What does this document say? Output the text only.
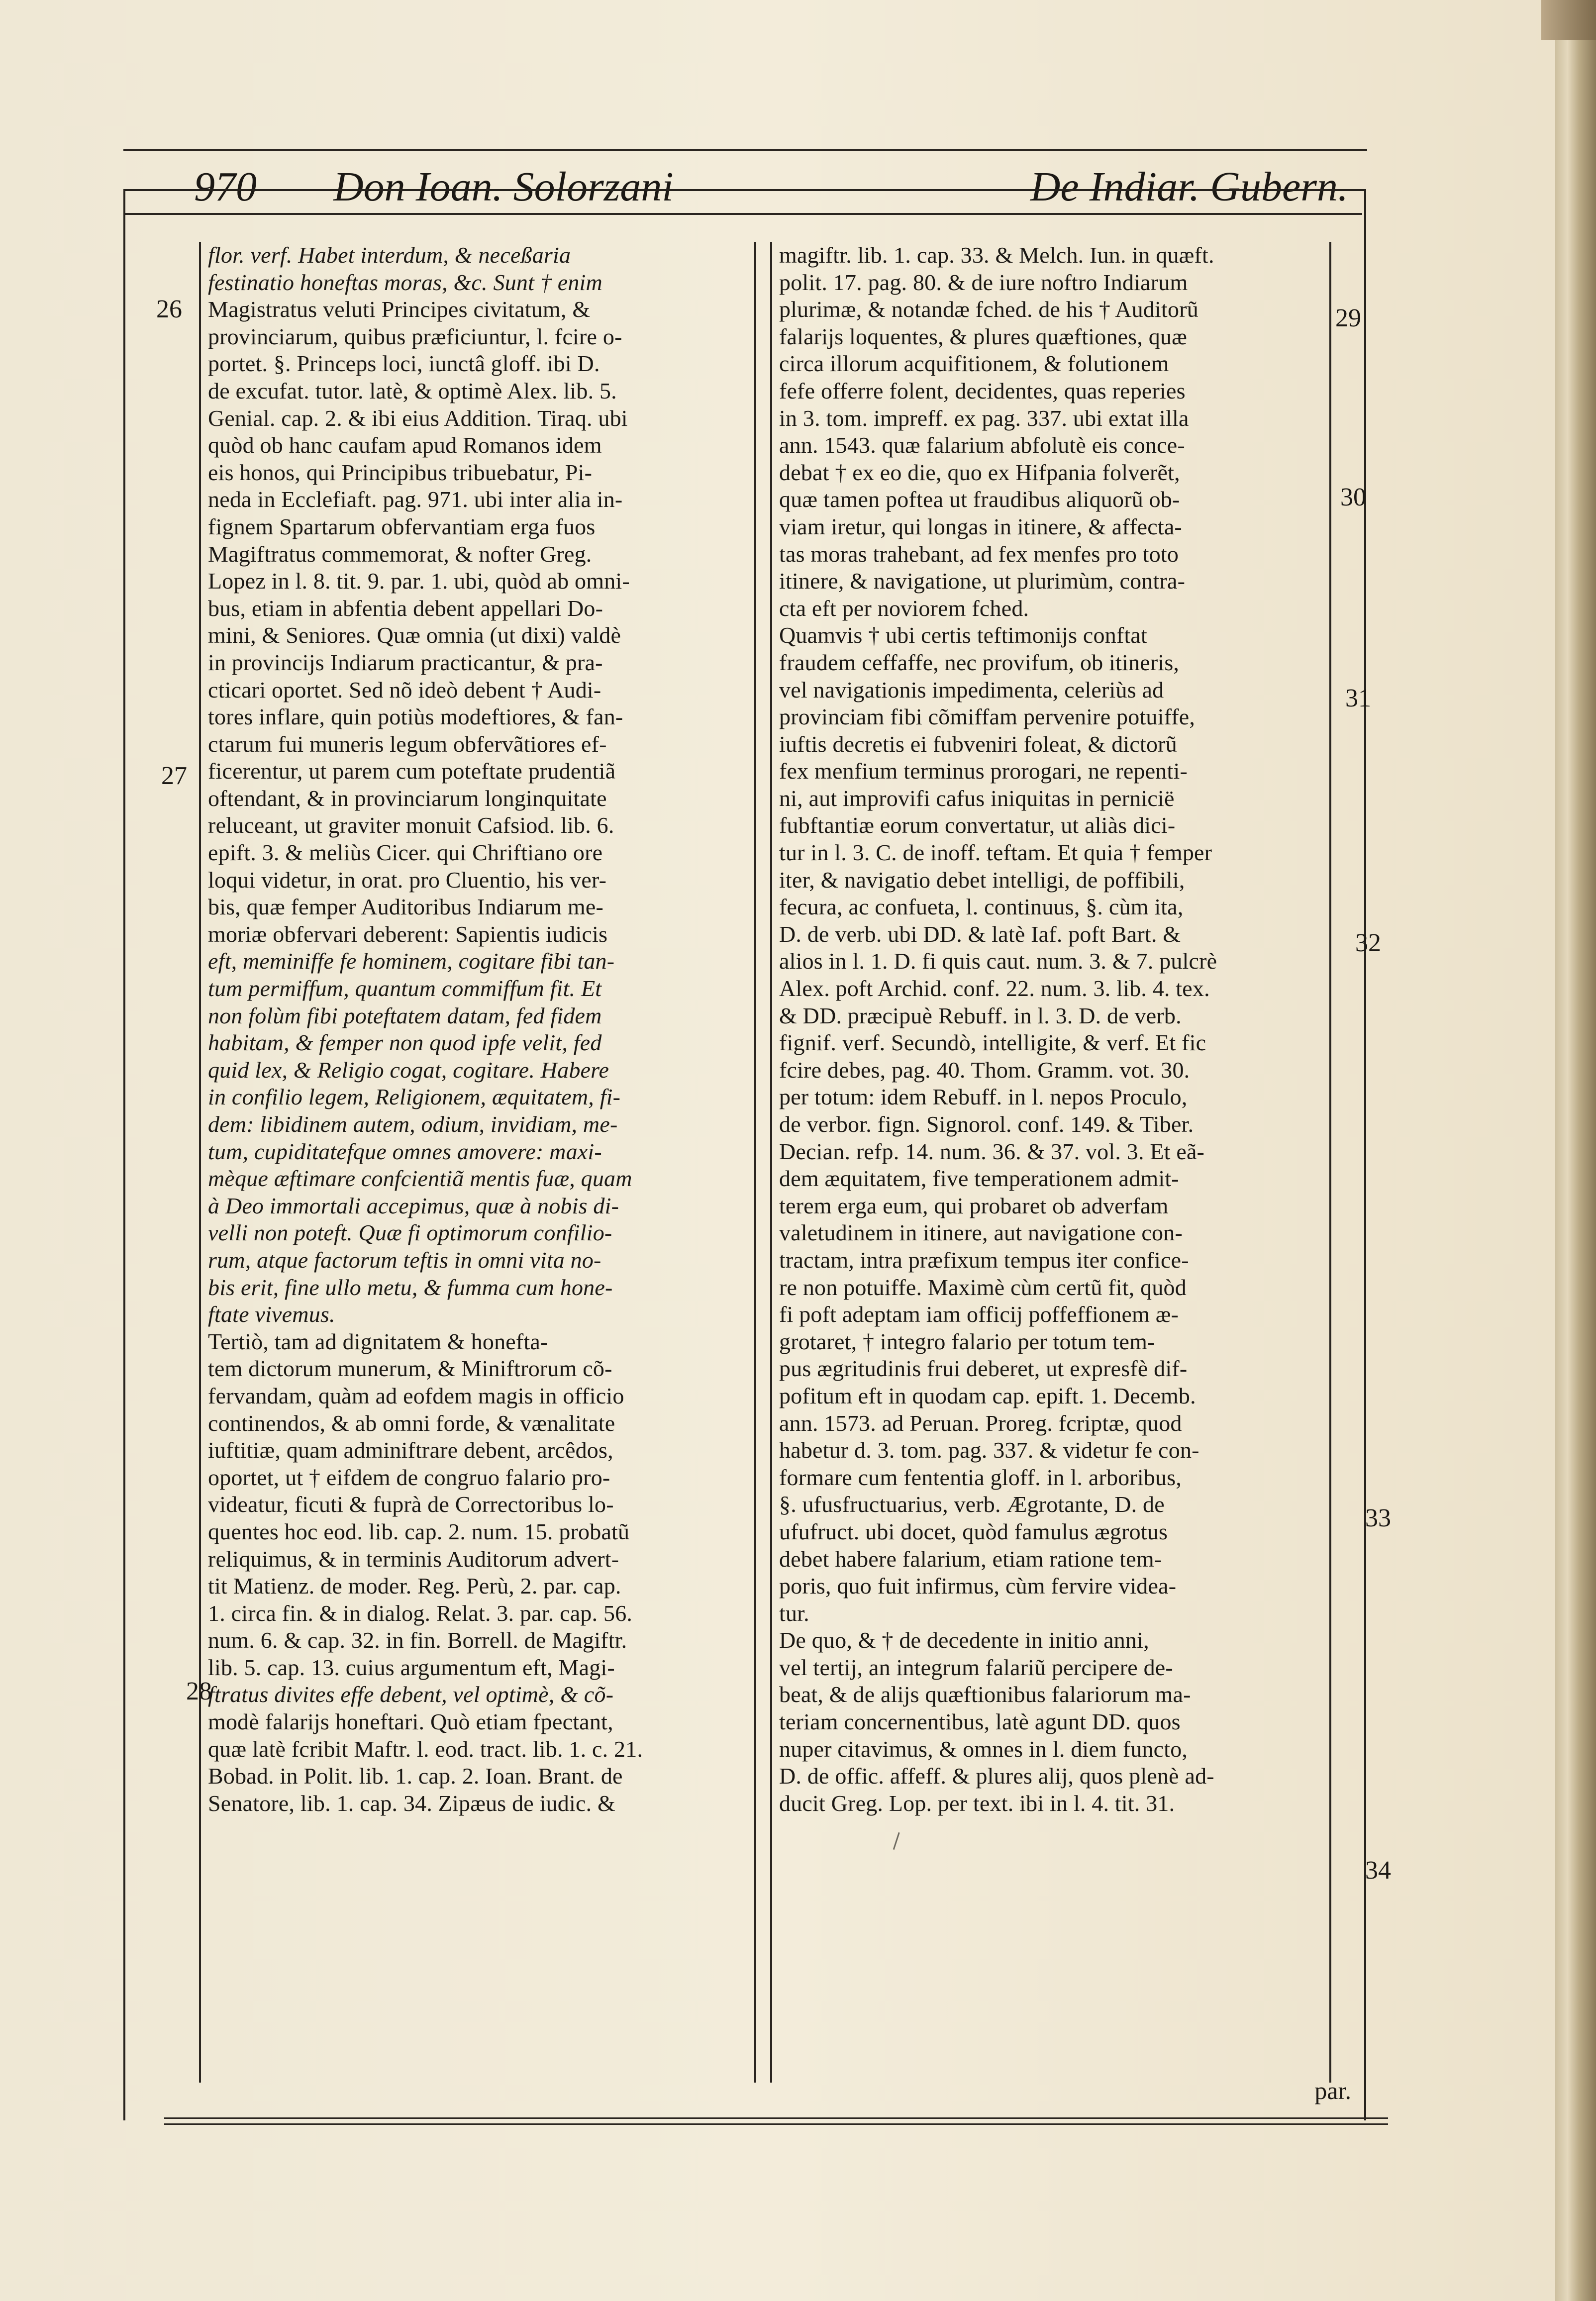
970 Don Ioan. Solorzani	De Indiar. Gubern.
flor. verf. Habet interdum, & neceßaria
festinatio honeftas moras, &c. Sunt † enim
Magistratus veluti Principes civitatum, &
provinciarum, quibus præficiuntur, l. fcire o-
portet. §. Princeps loci, iunctâ gloff. ibi D.
de excufat. tutor. latè, & optimè Alex. lib. 5.
Genial. cap. 2. & ibi eius Addition. Tiraq. ubi
quòd ob hanc caufam apud Romanos idem
eis honos, qui Principibus tribuebatur, Pi-
neda in Ecclefiaft. pag. 971. ubi inter alia in-
fignem Spartarum obfervantiam erga fuos
Magiftratus commemorat, & nofter Greg.
Lopez in l. 8. tit. 9. par. 1. ubi, quòd ab omni-
bus, etiam in abfentia debent appellari Do-
mini, & Seniores. Quæ omnia (ut dixi) valdè
in provincijs Indiarum practicantur, & pra-
cticari oportet. Sed nõ ideò debent † Audi-
tores inflare, quin potiùs modeftiores, & fan-
ctarum fui muneris legum obfervãtiores ef-
ficerentur, ut parem cum poteftate prudentiã
oftendant, & in provinciarum longinquitate
reluceant, ut graviter monuit Cafsiod. lib. 6.
epift. 3. & meliùs Cicer. qui Chriftiano ore
loqui videtur, in orat. pro Cluentio, his ver-
bis, quæ femper Auditoribus Indiarum me-
moriæ obfervari deberent: Sapientis iudicis
eft, meminiffe fe hominem, cogitare fibi tan-
tum permiffum, quantum commiffum fit. Et
non folùm fibi poteftatem datam, fed fidem
habitam, & femper non quod ipfe velit, fed
quid lex, & Religio cogat, cogitare. Habere
in confilio legem, Religionem, æquitatem, fi-
dem: libidinem autem, odium, invidiam, me-
tum, cupiditatefque omnes amovere: maxi-
mèque æftimare confcientiã mentis fuæ, quam
à Deo immortali accepimus, quæ à nobis di-
velli non poteft. Quæ fi optimorum confilio-
rum, atque factorum teftis in omni vita no-
bis erit, fine ullo metu, & fumma cum hone-
ftate vivemus.
Tertiò, tam ad dignitatem & honefta-
tem dictorum munerum, & Miniftrorum cõ-
fervandam, quàm ad eofdem magis in officio
continendos, & ab omni forde, & vænalitate
iuftitiæ, quam adminiftrare debent, arcêdos,
oportet, ut † eifdem de congruo falario pro-
videatur, ficuti & fuprà de Correctoribus lo-
quentes hoc eod. lib. cap. 2. num. 15. probatũ
reliquimus, & in terminis Auditorum advert-
tit Matienz. de moder. Reg. Perù, 2. par. cap.
1. circa fin. & in dialog. Relat. 3. par. cap. 56.
num. 6. & cap. 32. in fin. Borrell. de Magiftr.
lib. 5. cap. 13. cuius argumentum eft, Magi-
ftratus divites effe debent, vel optimè, & cõ-
modè falarijs honeftari. Quò etiam fpectant,
quæ latè fcribit Maftr. l. eod. tract. lib. 1. c. 21.
Bobad. in Polit. lib. 1. cap. 2. Ioan. Brant. de
Senatore, lib. 1. cap. 34. Zipæus de iudic. &
magiftr. lib. 1. cap. 33. & Melch. Iun. in quæft.
polit. 17. pag. 80. & de iure noftro Indiarum
plurimæ, & notandæ fched. de his † Auditorũ
falarijs loquentes, & plures quæftiones, quæ
circa illorum acquifitionem, & folutionem
fefe offerre folent, decidentes, quas reperies
in 3. tom. impreff. ex pag. 337. ubi extat illa
ann. 1543. quæ falarium abfolutè eis conce-
debat † ex eo die, quo ex Hifpania folverẽt,
quæ tamen poftea ut fraudibus aliquorũ ob-
viam iretur, qui longas in itinere, & affecta-
tas moras trahebant, ad fex menfes pro toto
itinere, & navigatione, ut plurimùm, contra-
cta eft per noviorem fched.
Quamvis † ubi certis teftimonijs conftat
fraudem ceffaffe, nec provifum, ob itineris,
vel navigationis impedimenta, celeriùs ad
provinciam fibi cõmiffam pervenire potuiffe,
iuftis decretis ei fubveniri foleat, & dictorũ
fex menfium terminus prorogari, ne repenti-
ni, aut improvifi cafus iniquitas in pernicië
fubftantiæ eorum convertatur, ut aliàs dici-
tur in l. 3. C. de inoff. teftam. Et quia † femper
iter, & navigatio debet intelligi, de poffibili,
fecura, ac confueta, l. continuus, §. cùm ita,
D. de verb. ubi DD. & latè Iaf. poft Bart. &
alios in l. 1. D. fi quis caut. num. 3. & 7. pulcrè
Alex. poft Archid. conf. 22. num. 3. lib. 4. tex.
& DD. præcipuè Rebuff. in l. 3. D. de verb.
fignif. verf. Secundò, intelligite, & verf. Et fic
fcire debes, pag. 40. Thom. Gramm. vot. 30.
per totum: idem Rebuff. in l. nepos Proculo,
de verbor. fign. Signorol. conf. 149. & Tiber.
Decian. refp. 14. num. 36. & 37. vol. 3. Et eã-
dem æquitatem, five temperationem admit-
terem erga eum, qui probaret ob adverfam
valetudinem in itinere, aut navigatione con-
tractam, intra præfixum tempus iter confice-
re non potuiffe. Maximè cùm certũ fit, quòd
fi poft adeptam iam officij poffeffionem æ-
grotaret, † integro falario per totum tem-
pus ægritudinis frui deberet, ut expresfè dif-
pofitum eft in quodam cap. epift. 1. Decemb.
ann. 1573. ad Peruan. Proreg. fcriptæ, quod
habetur d. 3. tom. pag. 337. & videtur fe con-
formare cum fententia gloff. in l. arboribus,
§. ufusfructuarius, verb. Ægrotante, D. de
ufufruct. ubi docet, quòd famulus ægrotus
debet habere falarium, etiam ratione tem-
poris, quo fuit infirmus, cùm fervire videa-
tur.
De quo, & † de decedente in initio anni,
vel tertij, an integrum falariũ percipere de-
beat, & de alijs quæftionibus falariorum ma-
teriam concernentibus, latè agunt DD. quos
nuper citavimus, & omnes in l. diem functo,
D. de offic. affeff. & plures alij, quos plenè ad-
ducit Greg. Lop. per text. ibi in l. 4. tit. 31.
26
27
28
29
30
31
32
33
34
par.
